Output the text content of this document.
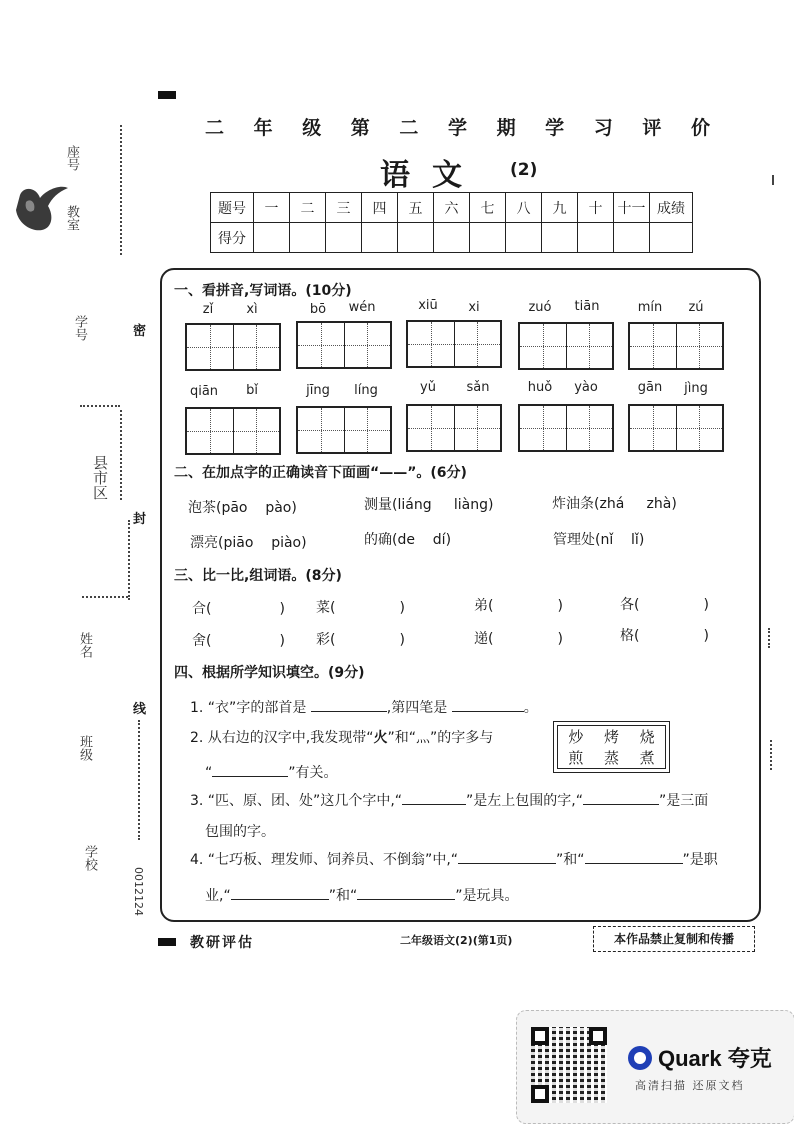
座号
教室
学号
县市区
姓名
班级
学校
0012124
密
封
线
二 年 级 第 二 学 期 学 习 评 价
语文 (2)
题号	一	二	三	四	五	六	七	八	九	十	十一	成绩
得分												
一、看拼音,写词语。(10分)
zǐ	xì	bō	wén	xiū	xi	zuó	tiān	mín	zú
qiān	bǐ	jīng	líng	yǔ	sǎn	huǒ	yào	gān	jìng
二、在加点字的正确读音下面画“——”。(6分)
泡茶(pāo pào)	测量(liáng liàng)	炸油条(zhá zhà)
漂亮(piāo piào)	的确(de dí)	管理处(nǐ lǐ)
三、比一比,组词语。(8分)
合(	) 菜(	)	弟(	)	各(	)
舍(	) 彩(	)	递(	)	格(	)
四、根据所学知识填空。(9分)
1. “衣”字的部首是	,第四笔是	。
2. 从右边的汉字中,我发现带“火”和“灬”的字多与
“	”有关。
炒	烤	烧
煎	蒸	煮
3. “匹、原、团、处”这几个字中,“	”是左上包围的字,“	”是三面
包围的字。
4. “七巧板、理发师、饲养员、不倒翁”中,“	”和“	”是职
业,“	”和“	”是玩具。
教研评估	二年级语文(2)(第1页)	本作品禁止复制和传播
Quark 夸克
高清扫描 还原文档
